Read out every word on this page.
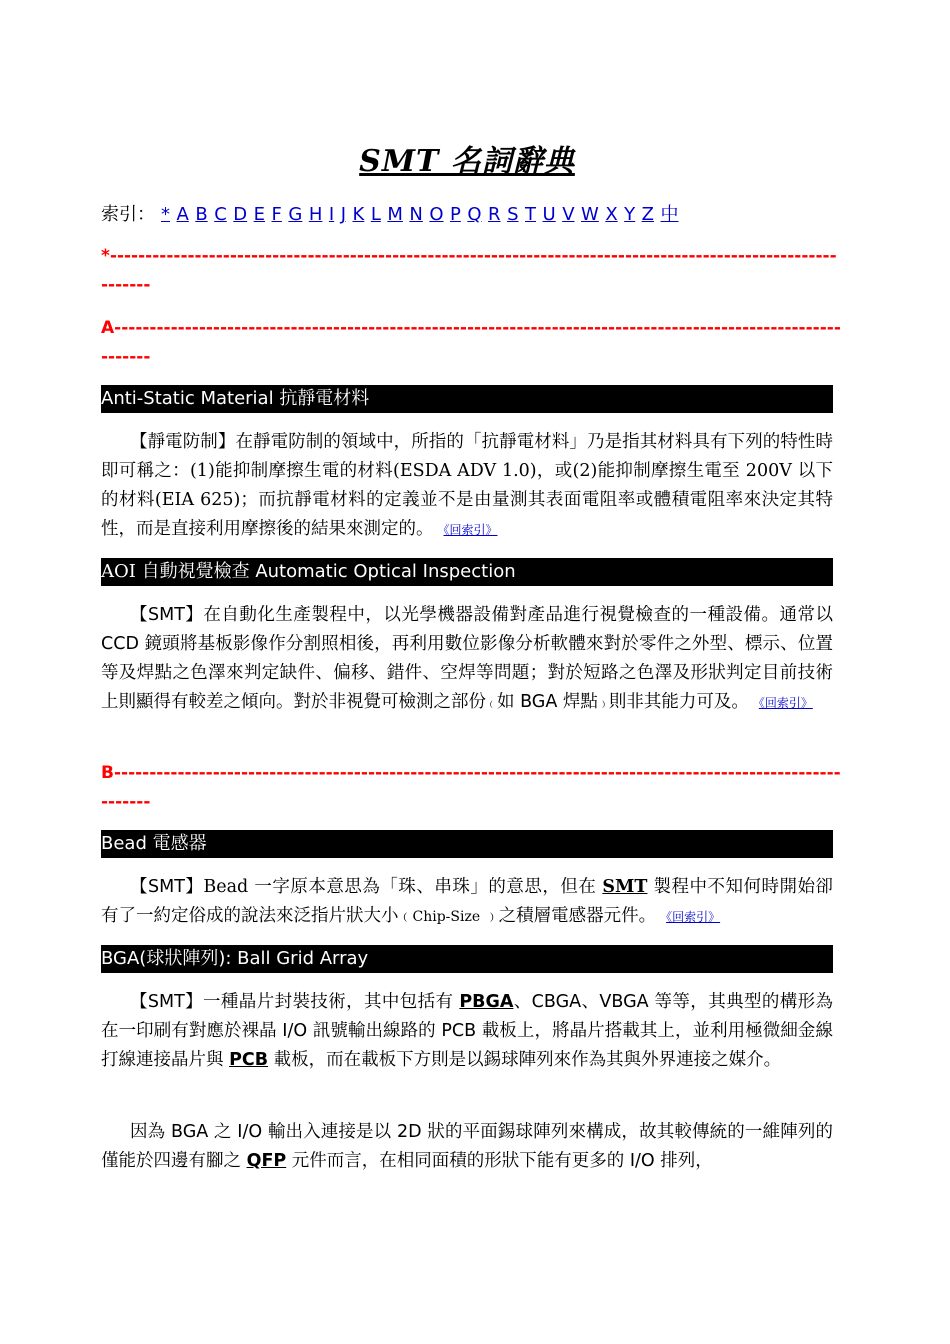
SMT 名詞辭典
索引： * A B C D E F G H I J K L M N O P Q R S T U V W X Y Z 中
*--------------------------------------------------------------------------------------------------------------
A--------------------------------------------------------------------------------------------------------------
Anti-Static Material 抗靜電材料
【靜電防制】在靜電防制的領域中，所指的「抗靜電材料」乃是指其材料具有下列的特性時即可稱之：(1)能抑制摩擦生電的材料(ESDA ADV 1.0)，或(2)能抑制摩擦生電至 200V 以下的材料(EIA 625)；而抗靜電材料的定義並不是由量測其表面電阻率或體積電阻率來決定其特性，而是直接利用摩擦後的結果來測定的。 《回索引》
AOI 自動視覺檢查 Automatic Optical Inspection
【SMT】在自動化生產製程中，以光學機器設備對產品進行視覺檢查的一種設備。通常以 CCD 鏡頭將基板影像作分割照相後，再利用數位影像分析軟體來對於零件之外型、標示、位置等及焊點之色澤來判定缺件、偏移、錯件、空焊等問題；對於短路之色澤及形狀判定目前技術上則顯得有較差之傾向。對於非視覺可檢測之部份﹙如 BGA 焊點﹚則非其能力可及。 《回索引》
B--------------------------------------------------------------------------------------------------------------
Bead 電感器
【SMT】Bead 一字原本意思為「珠、串珠」的意思，但在 SMT 製程中不知何時開始卻有了一約定俗成的說法來泛指片狀大小﹙Chip-Size ﹚之積層電感器元件。 《回索引》
BGA(球狀陣列): Ball Grid Array
【SMT】一種晶片封裝技術，其中包括有 PBGA、CBGA、VBGA 等等，其典型的構形為在一印刷有對應於裸晶 I/O 訊號輸出線路的 PCB 載板上，將晶片搭載其上，並利用極微細金線打線連接晶片與 PCB 載板，而在載板下方則是以錫球陣列來作為其與外界連接之媒介。
因為 BGA 之 I/O 輸出入連接是以 2D 狀的平面錫球陣列來構成，故其較傳統的一維陣列的僅能於四邊有腳之 QFP 元件而言，在相同面積的形狀下能有更多的 I/O 排列，
